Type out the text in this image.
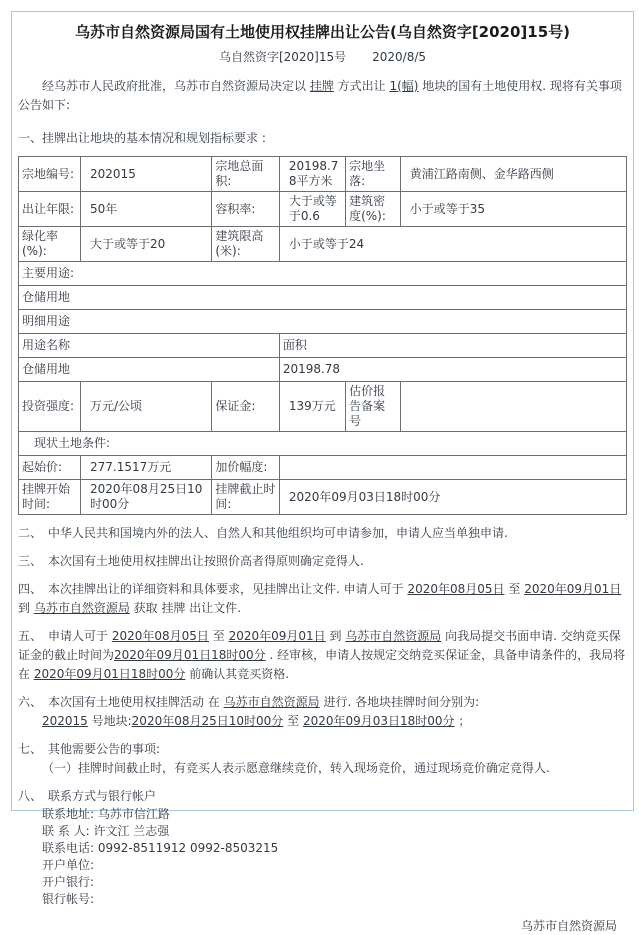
乌苏市自然资源局国有土地使用权挂牌出让公告(乌自然资字[2020]15号)
乌自然资字[2020]15号 2020/8/5
经乌苏市人民政府批准，乌苏市自然资源局决定以 挂牌 方式出让 1(幅) 地块的国有土地使用权. 现将有关事项公告如下:
一、挂牌出让地块的基本情况和规划指标要求 :
宗地编号:	202015	宗地总面积:	20198.78平方米	宗地坐落:	黄浦江路南侧、金华路西侧
出让年限:	50年	容积率:	大于或等于0.6	建筑密度(%):	小于或等于35
绿化率(%):	大于或等于20	建筑限高(米):	小于或等于24		
主要用途:					
仓储用地					
明细用途					
用途名称			面积		
仓储用地			20198.78		
投资强度:	万元/公顷	保证金:	139万元	估价报告备案号	
　现状土地条件:					
起始价:	277.1517万元	加价幅度:			
挂牌开始时间:	2020年08月25日10时00分	挂牌截止时间:	2020年09月03日18时00分		
二、　中华人民共和国境内外的法人、自然人和其他组织均可申请参加，申请人应当单独申请.
三、　本次国有土地使用权挂牌出让按照价高者得原则确定竞得人.
四、　本次挂牌出让的详细资料和具体要求，见挂牌出让文件. 申请人可于 2020年08月05日 至 2020年09月01日 到 乌苏市自然资源局 获取 挂牌 出让文件.
五、　申请人可于 2020年08月05日 至 2020年09月01日 到 乌苏市自然资源局 向我局提交书面申请. 交纳竞买保证金的截止时间为2020年09月01日18时00分 . 经审核，申请人按规定交纳竞买保证金，具备申请条件的，我局将在 2020年09月01日18时00分 前确认其竞买资格.
六、　本次国有土地使用权挂牌活动 在 乌苏市自然资源局 进行. 各地块挂牌时间分别为:
202015 号地块:2020年08月25日10时00分 至 2020年09月03日18时00分 ；
七、　其他需要公告的事项:
（一）挂牌时间截止时，有竞买人表示愿意继续竞价，转入现场竞价，通过现场竞价确定竞得人.
八、　联系方式与银行帐户
联系地址: 乌苏市信江路
联 系 人: 许文江 兰志强
联系电话: 0992-8511912 0992-8503215
开户单位:
开户银行:
银行帐号:
乌苏市自然资源局
